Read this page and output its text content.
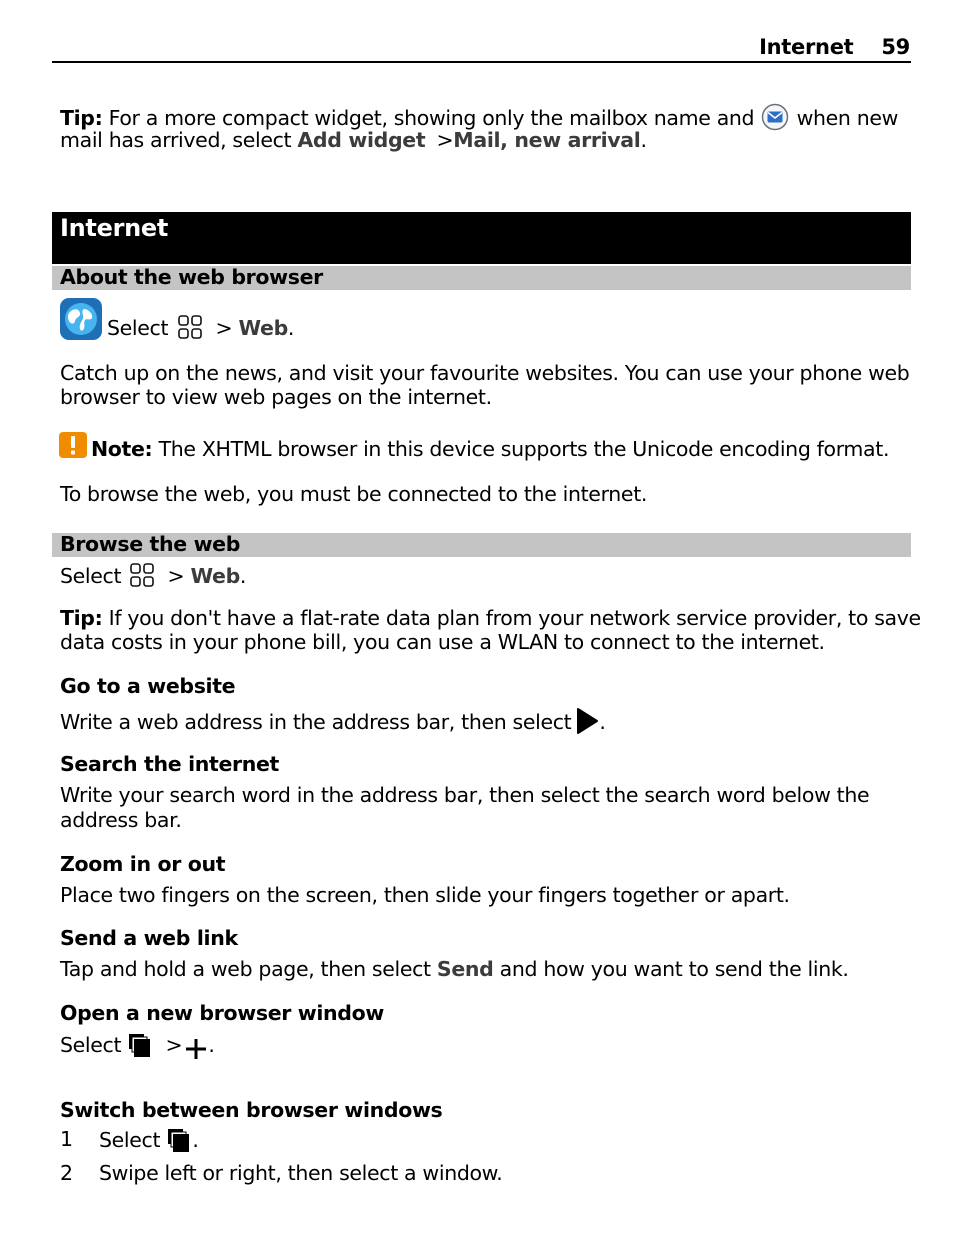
Internet 59
Tip: For a more compact widget, showing only the mailbox name and when new
mail has arrived, select Add widget >Mail, new arrival.
Internet
About the web browser
Select > Web.
Catch up on the news, and visit your favourite websites. You can use your phone web
browser to view web pages on the internet.
Note: The XHTML browser in this device supports the Unicode encoding format.
To browse the web, you must be connected to the internet.
Browse the web
Select > Web.
Tip: If you don't have a flat-rate data plan from your network service provider, to save
data costs in your phone bill, you can use a WLAN to connect to the internet.
Go to a website
Write a web address in the address bar, then select .
Search the internet
Write your search word in the address bar, then select the search word below the
address bar.
Zoom in or out
Place two fingers on the screen, then slide your fingers together or apart.
Send a web link
Tap and hold a web page, then select Send and how you want to send the link.
Open a new browser window
Select > .
Switch between browser windows
1 Select .
2 Swipe left or right, then select a window.
